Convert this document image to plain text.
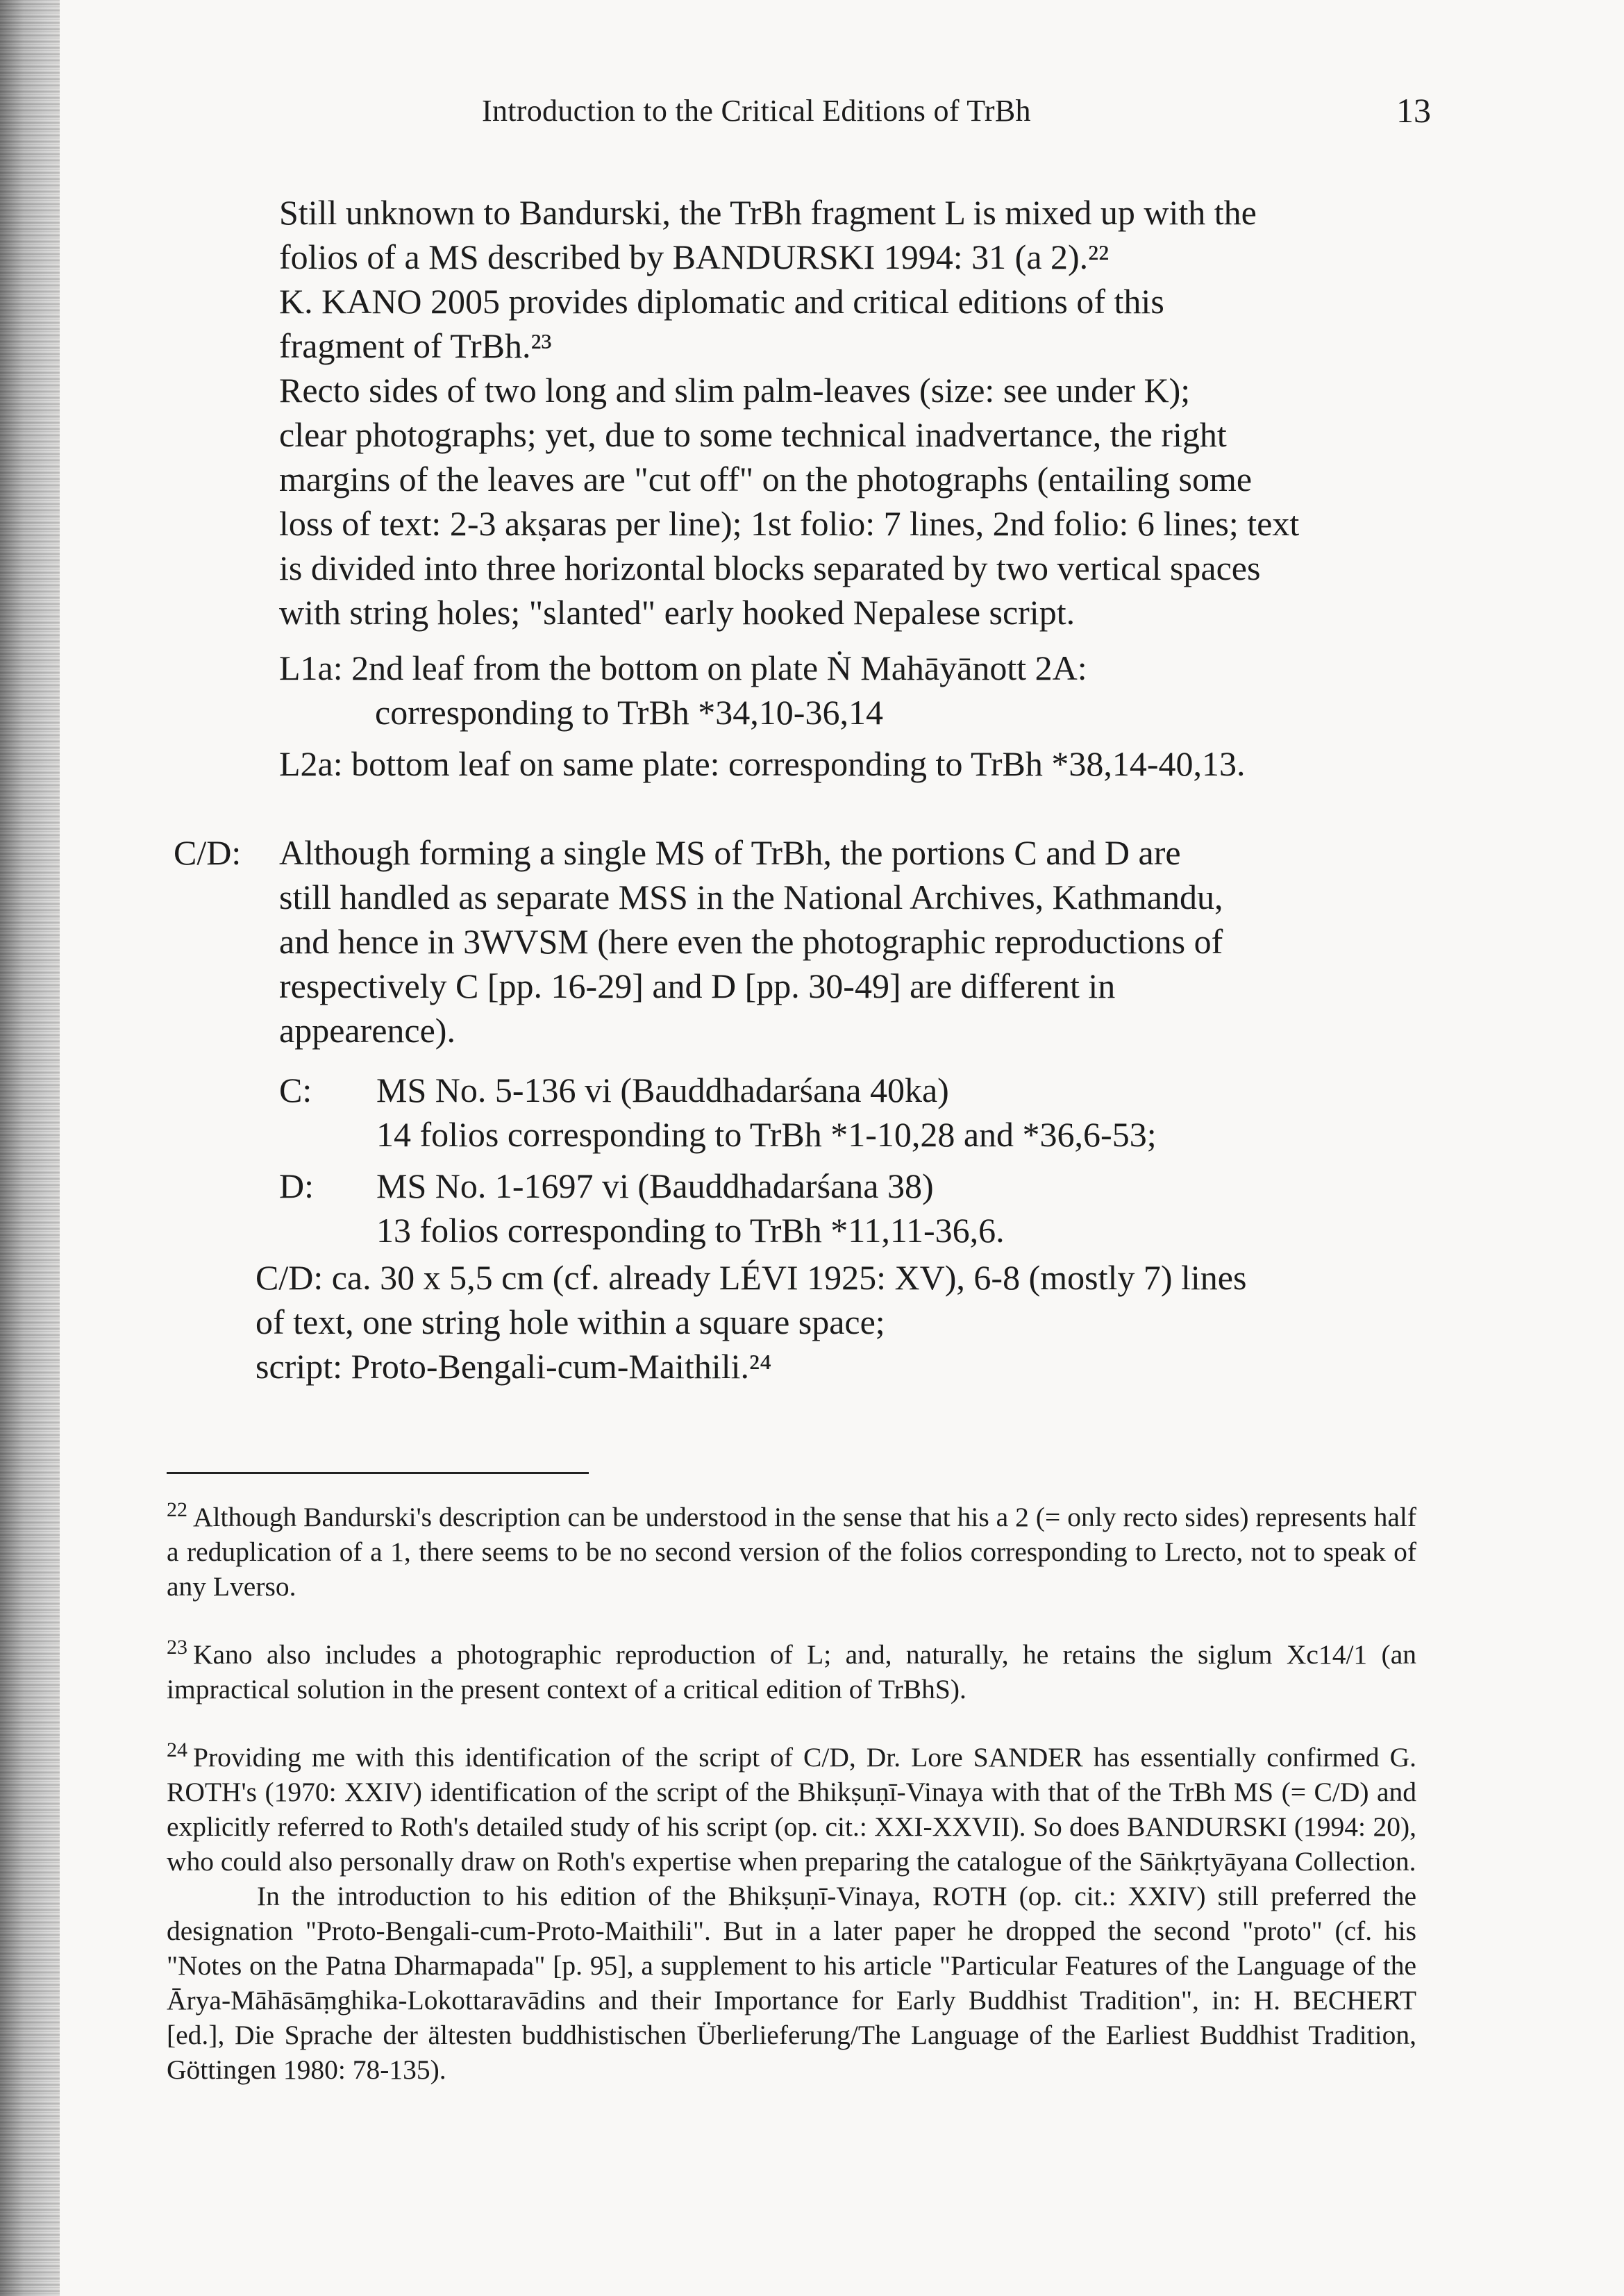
Introduction to the Critical Editions of TrBh	13
Still unknown to Bandurski, the TrBh fragment L is mixed up with the
folios of a MS described by BANDURSKI 1994: 31 (a 2).²²
K. KANO 2005 provides diplomatic and critical editions of this
fragment of TrBh.²³
Recto sides of two long and slim palm-leaves (size: see under K);
clear photographs; yet, due to some technical inadvertance, the right
margins of the leaves are "cut off" on the photographs (entailing some
loss of text: 2-3 akṣaras per line); 1st folio: 7 lines, 2nd folio: 6 lines; text
is divided into three horizontal blocks separated by two vertical spaces
with string holes; "slanted" early hooked Nepalese script.
L1a: 2nd leaf from the bottom on plate Ṅ Mahāyānott 2A:
corresponding to TrBh *34,10-36,14
L2a: bottom leaf on same plate: corresponding to TrBh *38,14-40,13.
C/D: Although forming a single MS of TrBh, the portions C and D are
still handled as separate MSS in the National Archives, Kathmandu,
and hence in 3WVSM (here even the photographic reproductions of
respectively C [pp. 16-29] and D [pp. 30-49] are different in
appearence).
C: MS No. 5-136 vi (Bauddhadarśana 40ka)
14 folios corresponding to TrBh *1-10,28 and *36,6-53;
D: MS No. 1-1697 vi (Bauddhadarśana 38)
13 folios corresponding to TrBh *11,11-36,6.
C/D: ca. 30 x 5,5 cm (cf. already LÉVI 1925: XV), 6-8 (mostly 7) lines
of text, one string hole within a square space;
script: Proto-Bengali-cum-Maithili.²⁴

$^{22}$ Although Bandurski's description can be understood in the sense that his a 2 (= only recto sides) represents half a reduplication of a 1, there seems to be no second version of the folios corresponding to Lrecto, not to speak of any Lverso.

$^{23}$ Kano also includes a photographic reproduction of L; and, naturally, he retains the siglum Xc14/1 (an impractical solution in the present context of a critical edition of TrBhS).

$^{24}$ Providing me with this identification of the script of C/D, Dr. Lore SANDER has essentially confirmed G. ROTH's (1970: XXIV) identification of the script of the Bhikṣuṇī-Vinaya with that of the TrBh MS (= C/D) and explicitly referred to Roth's detailed study of his script (op. cit.: XXI-XXVII). So does BANDURSKI (1994: 20), who could also personally draw on Roth's expertise when preparing the catalogue of the Sāṅkṛtyāyana Collection.

In the introduction to his edition of the Bhikṣuṇī-Vinaya, ROTH (op. cit.: XXIV) still preferred the designation "Proto-Bengali-cum-Proto-Maithili". But in a later paper he dropped the second "proto" (cf. his "Notes on the Patna Dharmapada" [p. 95], a supplement to his article "Particular Features of the Language of the Ārya-Māhāsāṃghika-Lokottaravādins and their Importance for Early Buddhist Tradition", in: H. BECHERT [ed.], Die Sprache der ältesten buddhistischen Überlieferung/The Language of the Earliest Buddhist Tradition, Göttingen 1980: 78-135).
